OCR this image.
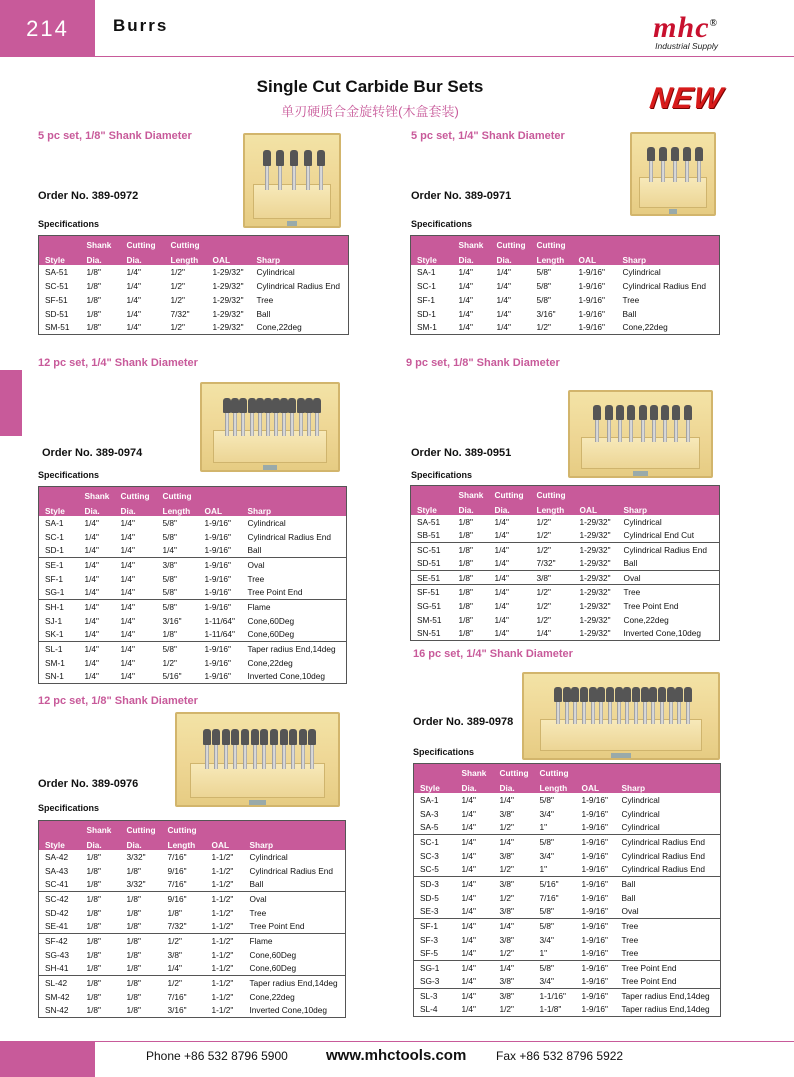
214	Burrs	mhc®
Industrial Supply
Single Cut Carbide Bur Sets
单刃硬质合金旋转锉(木盒套装)	NEW
5 pc set, 1/8" Shank Diameter
Order No. 389-0972
Specifications
	Shank	Cutting	Cutting		
Style	Dia.	Dia.	Length	OAL	Sharp
SA-51	1/8"	1/4"	1/2"	1-29/32"	Cylindrical
SC-51	1/8"	1/4"	1/2"	1-29/32"	Cylindrical Radius End
SF-51	1/8"	1/4"	1/2"	1-29/32"	Tree
SD-51	1/8"	1/4"	7/32"	1-29/32"	Ball
SM-51	1/8"	1/4"	1/2"	1-29/32"	Cone,22deg
5 pc set, 1/4" Shank Diameter
Order No. 389-0971
Specifications
	Shank	Cutting	Cutting		
Style	Dia.	Dia.	Length	OAL	Sharp
SA-1	1/4"	1/4"	5/8"	1-9/16"	Cylindrical
SC-1	1/4"	1/4"	5/8"	1-9/16"	Cylindrical Radius End
SF-1	1/4"	1/4"	5/8"	1-9/16"	Tree
SD-1	1/4"	1/4"	3/16"	1-9/16"	Ball
SM-1	1/4"	1/4"	1/2"	1-9/16"	Cone,22deg
12 pc set, 1/4" Shank Diameter
Order No. 389-0974
Specifications
	Shank	Cutting	Cutting		
Style	Dia.	Dia.	Length	OAL	Sharp
SA-1	1/4"	1/4"	5/8"	1-9/16"	Cylindrical
SC-1	1/4"	1/4"	5/8"	1-9/16"	Cylindrical Radius End
SD-1	1/4"	1/4"	1/4"	1-9/16"	Ball
SE-1	1/4"	1/4"	3/8"	1-9/16"	Oval
SF-1	1/4"	1/4"	5/8"	1-9/16"	Tree
SG-1	1/4"	1/4"	5/8"	1-9/16"	Tree Point End
SH-1	1/4"	1/4"	5/8"	1-9/16"	Flame
SJ-1	1/4"	1/4"	3/16"	1-11/64"	Cone,60Deg
SK-1	1/4"	1/4"	1/8"	1-11/64"	Cone,60Deg
SL-1	1/4"	1/4"	5/8"	1-9/16"	Taper radius End,14deg
SM-1	1/4"	1/4"	1/2"	1-9/16"	Cone,22deg
SN-1	1/4"	1/4"	5/16"	1-9/16"	Inverted Cone,10deg
9 pc set, 1/8" Shank Diameter
Order No. 389-0951
Specifications
	Shank	Cutting	Cutting		
Style	Dia.	Dia.	Length	OAL	Sharp
SA-51	1/8"	1/4"	1/2"	1-29/32"	Cylindrical
SB-51	1/8"	1/4"	1/2"	1-29/32"	Cylindrical End Cut
SC-51	1/8"	1/4"	1/2"	1-29/32"	Cylindrical Radius End
SD-51	1/8"	1/4"	7/32"	1-29/32"	Ball
SE-51	1/8"	1/4"	3/8"	1-29/32"	Oval
SF-51	1/8"	1/4"	1/2"	1-29/32"	Tree
SG-51	1/8"	1/4"	1/2"	1-29/32"	Tree Point End
SM-51	1/8"	1/4"	1/2"	1-29/32"	Cone,22deg
SN-51	1/8"	1/4"	1/4"	1-29/32"	Inverted Cone,10deg
12 pc set, 1/8" Shank Diameter
Order No. 389-0976
Specifications
	Shank	Cutting	Cutting		
Style	Dia.	Dia.	Length	OAL	Sharp
SA-42	1/8"	3/32"	7/16"	1-1/2"	Cylindrical
SA-43	1/8"	1/8"	9/16"	1-1/2"	Cylindrical Radius End
SC-41	1/8"	3/32"	7/16"	1-1/2"	Ball
SC-42	1/8"	1/8"	9/16"	1-1/2"	Oval
SD-42	1/8"	1/8"	1/8"	1-1/2"	Tree
SE-41	1/8"	1/8"	7/32"	1-1/2"	Tree Point End
SF-42	1/8"	1/8"	1/2"	1-1/2"	Flame
SG-43	1/8"	1/8"	3/8"	1-1/2"	Cone,60Deg
SH-41	1/8"	1/8"	1/4"	1-1/2"	Cone,60Deg
SL-42	1/8"	1/8"	1/2"	1-1/2"	Taper radius End,14deg
SM-42	1/8"	1/8"	7/16"	1-1/2"	Cone,22deg
SN-42	1/8"	1/8"	3/16"	1-1/2"	Inverted Cone,10deg
16 pc set, 1/4" Shank Diameter
Order No. 389-0978
Specifications
	Shank	Cutting	Cutting		
Style	Dia.	Dia.	Length	OAL	Sharp
SA-1	1/4"	1/4"	5/8"	1-9/16"	Cylindrical
SA-3	1/4"	3/8"	3/4"	1-9/16"	Cylindrical
SA-5	1/4"	1/2"	1"	1-9/16"	Cylindrical
SC-1	1/4"	1/4"	5/8"	1-9/16"	Cylindrical Radius End
SC-3	1/4"	3/8"	3/4"	1-9/16"	Cylindrical Radius End
SC-5	1/4"	1/2"	1"	1-9/16"	Cylindrical Radius End
SD-3	1/4"	3/8"	5/16"	1-9/16"	Ball
SD-5	1/4"	1/2"	7/16"	1-9/16"	Ball
SE-3	1/4"	3/8"	5/8"	1-9/16"	Oval
SF-1	1/4"	1/4"	5/8"	1-9/16"	Tree
SF-3	1/4"	3/8"	3/4"	1-9/16"	Tree
SF-5	1/4"	1/2"	1"	1-9/16"	Tree
SG-1	1/4"	1/4"	5/8"	1-9/16"	Tree Point End
SG-3	1/4"	3/8"	3/4"	1-9/16"	Tree Point End
SL-3	1/4"	3/8"	1-1/16"	1-9/16"	Taper radius End,14deg
SL-4	1/4"	1/2"	1-1/8"	1-9/16"	Taper radius End,14deg
Phone +86 532 8796 5900	www.mhctools.com Fax +86 532 8796 5922
